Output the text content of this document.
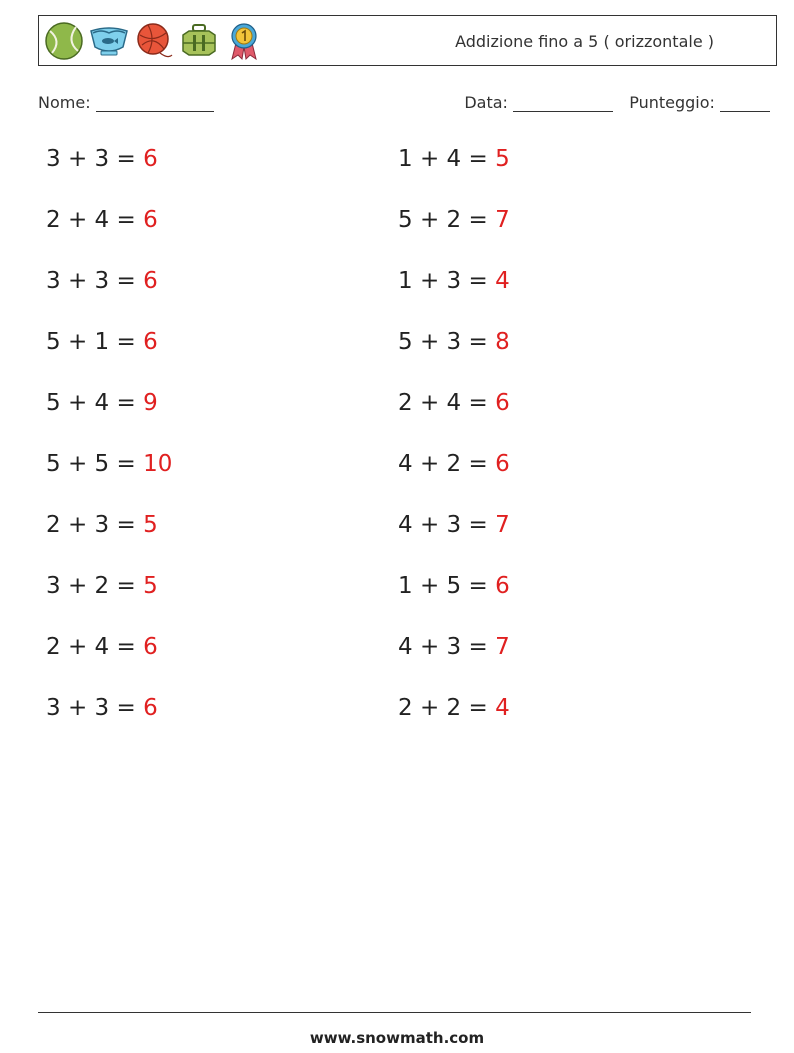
Addizione fino a 5 ( orizzontale )
Nome:	Data:	Punteggio:
3 + 3 = 6	1 + 4 = 5
2 + 4 = 6	5 + 2 = 7
3 + 3 = 6	1 + 3 = 4
5 + 1 = 6	5 + 3 = 8
5 + 4 = 9	2 + 4 = 6
5 + 5 = 10	4 + 2 = 6
2 + 3 = 5	4 + 3 = 7
3 + 2 = 5	1 + 5 = 6
2 + 4 = 6	4 + 3 = 7
3 + 3 = 6	2 + 2 = 4
www.snowmath.com
